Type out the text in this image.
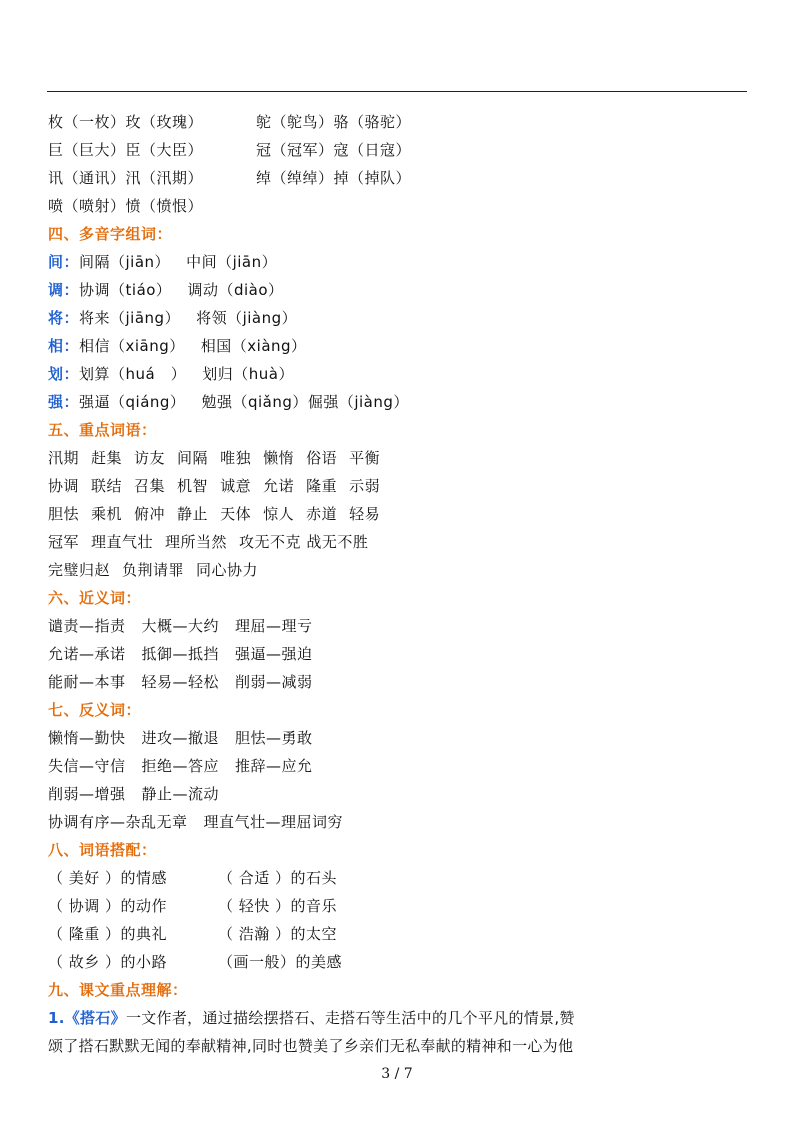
枚（一枚）玫（玫瑰）	鸵（鸵鸟）骆（骆驼）
巨（巨大）臣（大臣）	冠（冠军）寇（日寇）
讯（通讯）汛（汛期）	绰（绰绰）掉（掉队）
喷（喷射）愤（愤恨）
四、多音字组词：
间：间隔（jiān） 中间（jiān）
调：协调（tiáo） 调动（diào）
将：将来（jiāng） 将领（jiàng）
相：相信（xiāng） 相国（xiàng）
划：划算（huá　） 划归（huà）
强：强逼（qiáng） 勉强（qiǎng）倔强（jiàng）
五、重点词语：
汛期 赶集 访友 间隔 唯独 懒惰 俗语 平衡
协调 联结 召集 机智 诚意 允诺 隆重 示弱
胆怯 乘机 俯冲 静止 天体 惊人 赤道 轻易
冠军 理直气壮 理所当然 攻无不克 战无不胜
完璧归赵 负荆请罪 同心协力
六、近义词：
谴责—指责 大概—大约 理屈—理亏
允诺—承诺 抵御—抵挡 强逼—强迫
能耐—本事 轻易—轻松 削弱—减弱
七、反义词：
懒惰—勤快 进攻—撤退 胆怯—勇敢
失信—守信 拒绝—答应 推辞—应允
削弱—增强 静止—流动
协调有序—杂乱无章 理直气壮—理屈词穷
八、词语搭配：
（ 美好 ）的情感	（ 合适 ）的石头
（ 协调 ）的动作	（ 轻快 ）的音乐
（ 隆重 ）的典礼	（ 浩瀚 ）的太空
（ 故乡 ）的小路	（画一般）的美感
九、课文重点理解：
1.《搭石》一文作者，通过描绘摆搭石、走搭石等生活中的几个平凡的情景,赞
颂了搭石默默无闻的奉献精神,同时也赞美了乡亲们无私奉献的精神和一心为他
3 / 7
